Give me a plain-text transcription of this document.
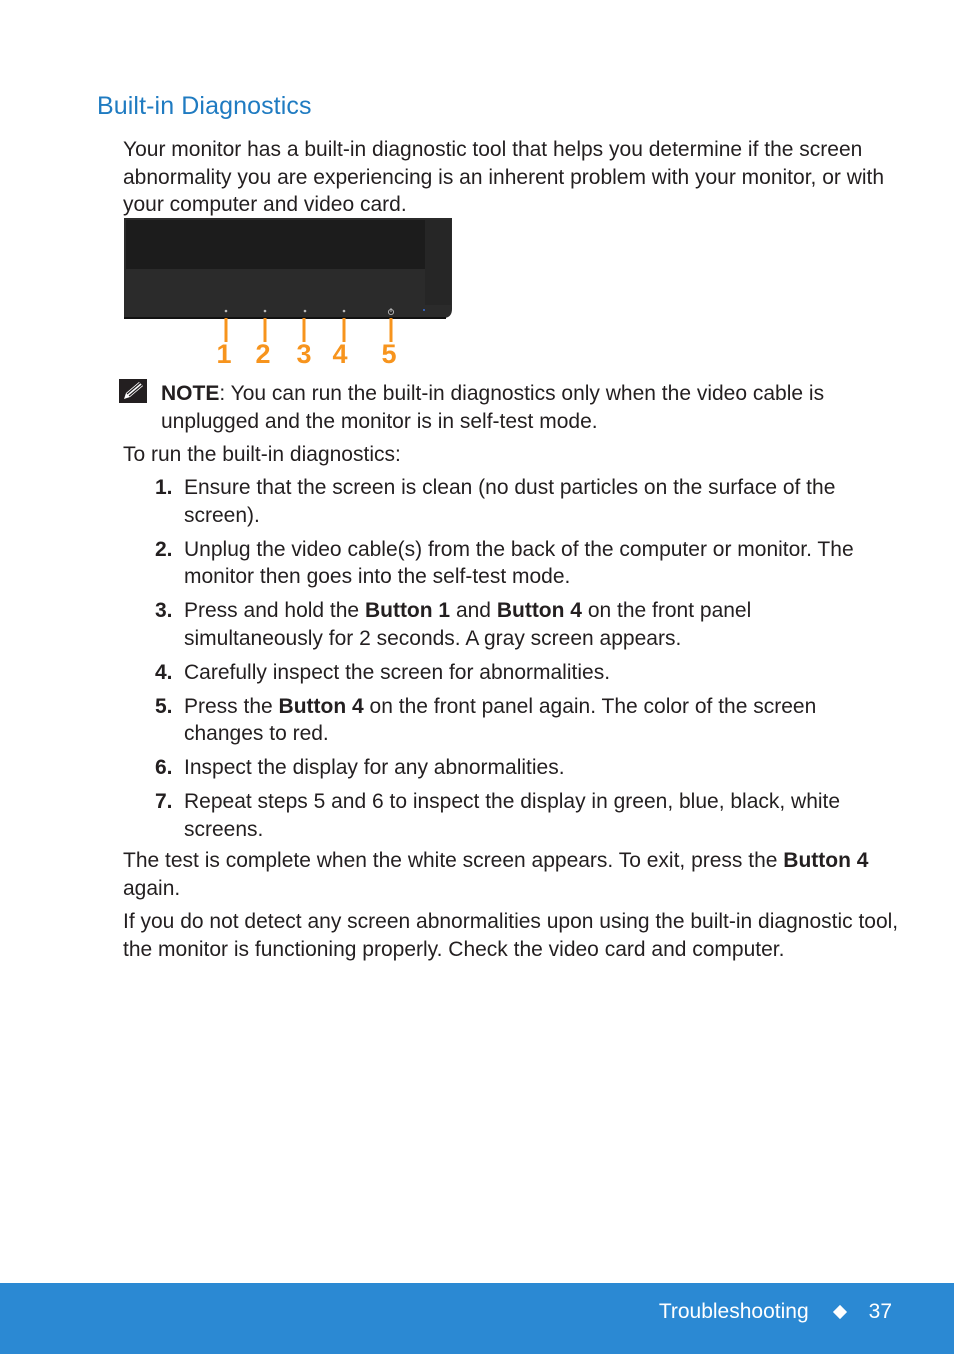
Built-in Diagnostics

Your monitor has a built-in diagnostic tool that helps you determine if the screen abnormality you are experiencing is an inherent problem with your monitor, or with your computer and video card.

1 2 3 4 5

NOTE: You can run the built-in diagnostics only when the video cable is unplugged and the monitor is in self-test mode.

To run the built-in diagnostics:

1. Ensure that the screen is clean (no dust particles on the surface of the screen).
2. Unplug the video cable(s) from the back of the computer or monitor. The monitor then goes into the self-test mode.
3. Press and hold the Button 1 and Button 4 on the front panel simultaneously for 2 seconds. A gray screen appears.
4. Carefully inspect the screen for abnormalities.
5. Press the Button 4 on the front panel again. The color of the screen changes to red.
6. Inspect the display for any abnormalities.
7. Repeat steps 5 and 6 to inspect the display in green, blue, black, white screens.

The test is complete when the white screen appears. To exit, press the Button 4 again.

If you do not detect any screen abnormalities upon using the built-in diagnostic tool, the monitor is functioning properly. Check the video card and computer.

Troubleshooting	37
